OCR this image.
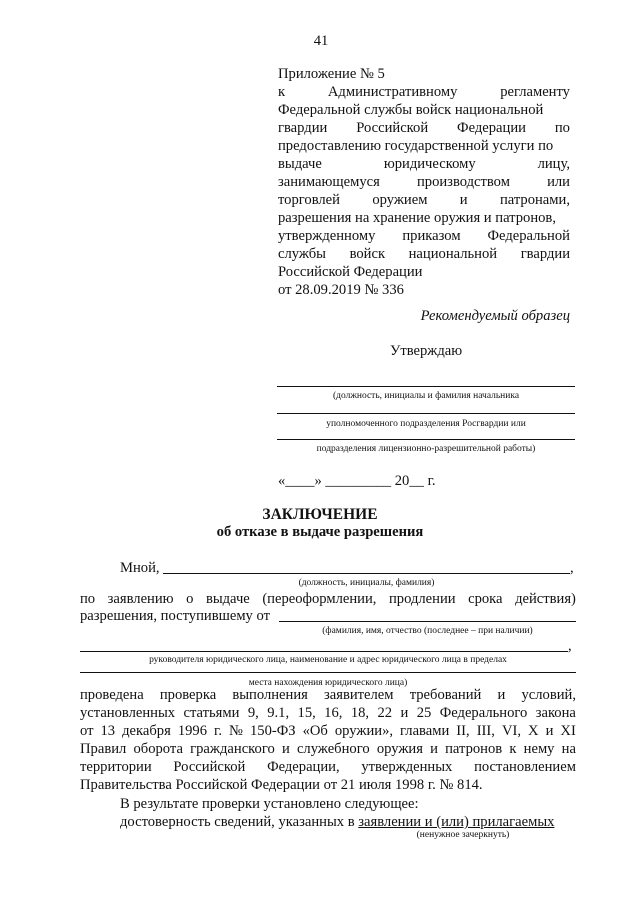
41
Приложение № 5
к	Административному	регламенту
Федеральной службы войск национальной
гвардии Российской Федерации по
предоставлению государственной услуги по
выдаче	юридическому	лицу,
занимающемуся	производством	или
торговлей оружием и патронами,
разрешения на хранение оружия и патронов,
утвержденному приказом Федеральной
службы войск национальной гвардии
Российской Федерации
от 28.09.2019 № 336
Рекомендуемый образец
Утверждаю
(должность, инициалы и фамилия начальника
уполномоченного подразделения Росгвардии или
подразделения лицензионно-разрешительной работы)
«____» _________ 20__ г.
ЗАКЛЮЧЕНИЕ
об отказе в выдаче разрешения
Мной,	,
(должность, инициалы, фамилия)
по заявлению о выдаче (переоформлении, продлении срока действия)
разрешения, поступившему от
(фамилия, имя, отчество (последнее – при наличии)
,
руководителя юридического лица, наименование и адрес юридического лица в пределах
места нахождения юридического лица)
проведена проверка выполнения заявителем требований и условий,
установленных статьями 9, 9.1, 15, 16, 18, 22 и 25 Федерального закона
от 13 декабря 1996 г. № 150-ФЗ «Об оружии», главами II, III, VI, X и XI
Правил оборота гражданского и служебного оружия и патронов к нему на
территории Российской Федерации, утвержденных постановлением
Правительства Российской Федерации от 21 июля 1998 г. № 814.
В результате проверки установлено следующее:
достоверность сведений, указанных в заявлении и (или) прилагаемых
(ненужное зачеркнуть)
